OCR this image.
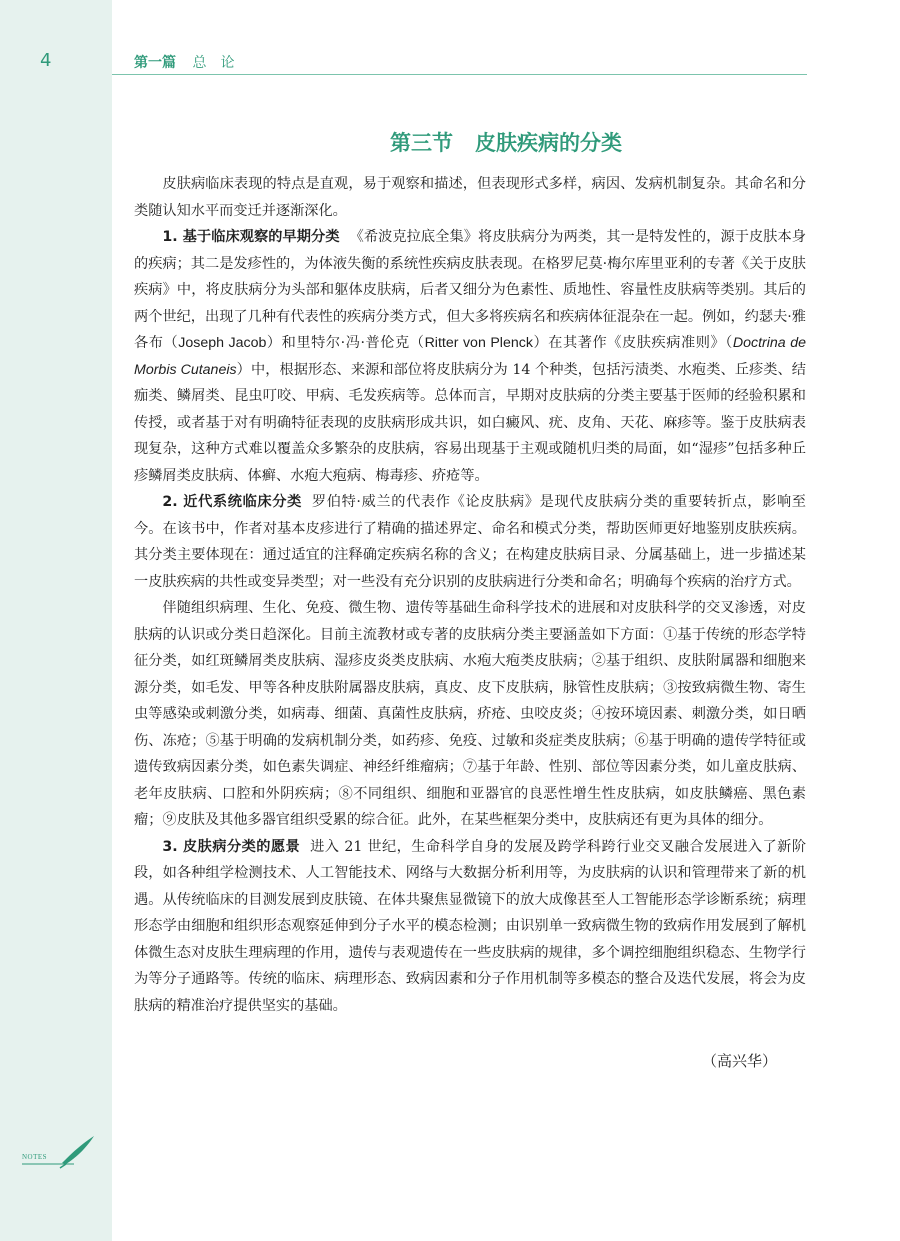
4	第一篇 总论
第三节 皮肤疾病的分类

皮肤病临床表现的特点是直观，易于观察和描述，但表现形式多样，病因、发病机制复杂。其命名和分类随认知水平而变迁并逐渐深化。

1. 基于临床观察的早期分类 《希波克拉底全集》将皮肤病分为两类，其一是特发性的，源于皮肤本身的疾病；其二是发疹性的，为体液失衡的系统性疾病皮肤表现。在格罗尼莫·梅尔库里亚利的专著《关于皮肤疾病》中，将皮肤病分为头部和躯体皮肤病，后者又细分为色素性、质地性、容量性皮肤病等类别。其后的两个世纪，出现了几种有代表性的疾病分类方式，但大多将疾病名和疾病体征混杂在一起。例如，约瑟夫·雅各布（Joseph Jacob）和里特尔·冯·普伦克（Ritter von Plenck）在其著作《皮肤疾病准则》（Doctrina de Morbis Cutaneis）中，根据形态、来源和部位将皮肤病分为 14 个种类，包括污渍类、水疱类、丘疹类、结痂类、鳞屑类、昆虫叮咬、甲病、毛发疾病等。总体而言，早期对皮肤病的分类主要基于医师的经验积累和传授，或者基于对有明确特征表现的皮肤病形成共识，如白癜风、疣、皮角、天花、麻疹等。鉴于皮肤病表现复杂，这种方式难以覆盖众多繁杂的皮肤病，容易出现基于主观或随机归类的局面，如“湿疹”包括多种丘疹鳞屑类皮肤病、体癣、水疱大疱病、梅毒疹、疥疮等。

2. 近代系统临床分类 罗伯特·威兰的代表作《论皮肤病》是现代皮肤病分类的重要转折点，影响至今。在该书中，作者对基本皮疹进行了精确的描述界定、命名和模式分类，帮助医师更好地鉴别皮肤疾病。其分类主要体现在：通过适宜的注释确定疾病名称的含义；在构建皮肤病目录、分属基础上，进一步描述某一皮肤疾病的共性或变异类型；对一些没有充分识别的皮肤病进行分类和命名；明确每个疾病的治疗方式。

伴随组织病理、生化、免疫、微生物、遗传等基础生命科学技术的进展和对皮肤科学的交叉渗透，对皮肤病的认识或分类日趋深化。目前主流教材或专著的皮肤病分类主要涵盖如下方面：①基于传统的形态学特征分类，如红斑鳞屑类皮肤病、湿疹皮炎类皮肤病、水疱大疱类皮肤病；②基于组织、皮肤附属器和细胞来源分类，如毛发、甲等各种皮肤附属器皮肤病，真皮、皮下皮肤病，脉管性皮肤病；③按致病微生物、寄生虫等感染或刺激分类，如病毒、细菌、真菌性皮肤病，疥疮、虫咬皮炎；④按环境因素、刺激分类，如日晒伤、冻疮；⑤基于明确的发病机制分类，如药疹、免疫、过敏和炎症类皮肤病；⑥基于明确的遗传学特征或遗传致病因素分类，如色素失调症、神经纤维瘤病；⑦基于年龄、性别、部位等因素分类，如儿童皮肤病、老年皮肤病、口腔和外阴疾病；⑧不同组织、细胞和亚器官的良恶性增生性皮肤病，如皮肤鳞癌、黑色素瘤；⑨皮肤及其他多器官组织受累的综合征。此外，在某些框架分类中，皮肤病还有更为具体的细分。

3. 皮肤病分类的愿景 进入 21 世纪，生命科学自身的发展及跨学科跨行业交叉融合发展进入了新阶段，如各种组学检测技术、人工智能技术、网络与大数据分析利用等，为皮肤病的认识和管理带来了新的机遇。从传统临床的目测发展到皮肤镜、在体共聚焦显微镜下的放大成像甚至人工智能形态学诊断系统；病理形态学由细胞和组织形态观察延伸到分子水平的模态检测；由识别单一致病微生物的致病作用发展到了解机体微生态对皮肤生理病理的作用，遗传与表观遗传在一些皮肤病的规律，多个调控细胞组织稳态、生物学行为等分子通路等。传统的临床、病理形态、致病因素和分子作用机制等多模态的整合及迭代发展，将会为皮肤病的精准治疗提供坚实的基础。

（高兴华）
NOTES
